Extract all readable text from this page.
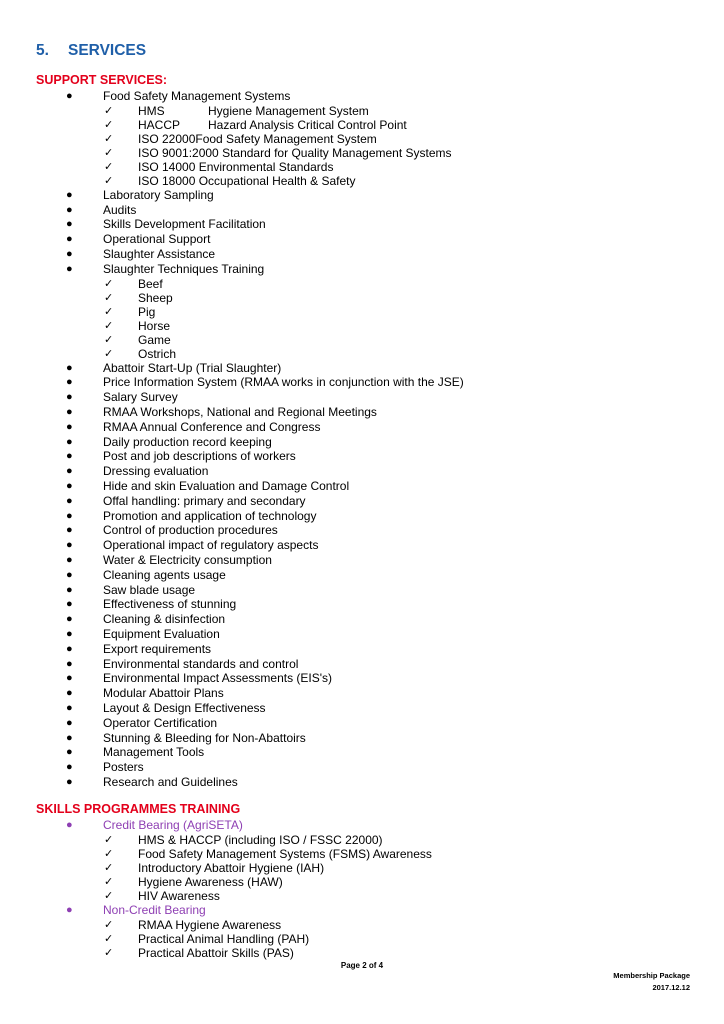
5. SERVICES
SUPPORT SERVICES:
●	Food Safety Management Systems
✓ HMS	Hygiene Management System
✓ HACCP Hazard Analysis Critical Control Point
✓ ISO 22000Food Safety Management System
✓ ISO 9001:2000 Standard for Quality Management Systems
✓ ISO 14000 Environmental Standards
✓ ISO 18000 Occupational Health & Safety
●	Laboratory Sampling
●	Audits
●	Skills Development Facilitation
●	Operational Support
●	Slaughter Assistance
●	Slaughter Techniques Training
✓ Beef
✓ Sheep
✓ Pig
✓ Horse
✓ Game
✓ Ostrich
●	Abattoir Start-Up (Trial Slaughter)
●	Price Information System (RMAA works in conjunction with the JSE)
●	Salary Survey
●	RMAA Workshops, National and Regional Meetings
●	RMAA Annual Conference and Congress
●	Daily production record keeping
●	Post and job descriptions of workers
●	Dressing evaluation
●	Hide and skin Evaluation and Damage Control
●	Offal handling: primary and secondary
●	Promotion and application of technology
●	Control of production procedures
●	Operational impact of regulatory aspects
●	Water & Electricity consumption
●	Cleaning agents usage
●	Saw blade usage
●	Effectiveness of stunning
●	Cleaning & disinfection
●	Equipment Evaluation
●	Export requirements
●	Environmental standards and control
●	Environmental Impact Assessments (EIS's)
●	Modular Abattoir Plans
●	Layout & Design Effectiveness
●	Operator Certification
●	Stunning & Bleeding for Non-Abattoirs
●	Management Tools
●	Posters
●	Research and Guidelines
SKILLS PROGRAMMES TRAINING
●	Credit Bearing (AgriSETA)
✓ HMS & HACCP (including ISO / FSSC 22000)
✓ Food Safety Management Systems (FSMS) Awareness
✓ Introductory Abattoir Hygiene (IAH)
✓ Hygiene Awareness (HAW)
✓ HIV Awareness
●	Non-Credit Bearing
✓ RMAA Hygiene Awareness
✓ Practical Animal Handling (PAH)
✓ Practical Abattoir Skills (PAS)
Page 2 of 4
Membership Package
2017.12.12
